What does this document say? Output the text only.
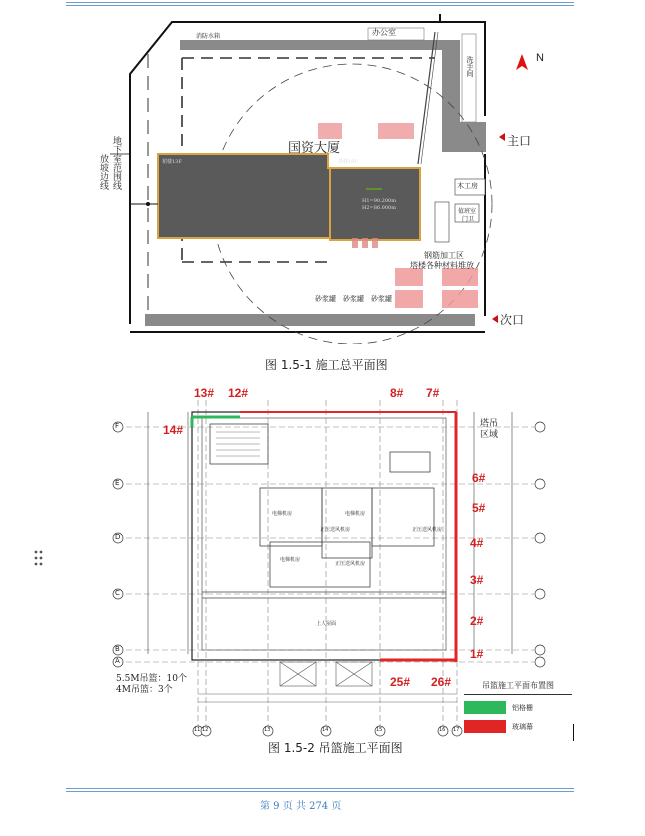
N
办公室
消防水箱
洗手间
国资大厦
裙楼13F	塔楼19F
H1=90.200m
H2=86.000m
主口
次口
木工房
值班室
门卫
钢筋加工区
塔楼各种材料堆放
砂浆罐 砂浆罐 砂浆罐
放坡边线 地下室范围线
图 1.5-1 施工总平面图
F
E
D
C
B
A
11 12	13	14	15	16 17
电梯机房	电梯机房
正压送风机房	正压送风机房
电梯机房
正压送风机房
上人屋面
13# 12#	8# 7#
14#
6#
5#
4#
3#
2#
1#
25# 26#
塔吊区域
5.5M吊篮：10个
4M吊篮：3个	吊篮施工平面布置图
铝格栅
玻璃幕
图 1.5-2 吊篮施工平面图
第 9 页 共 274 页
